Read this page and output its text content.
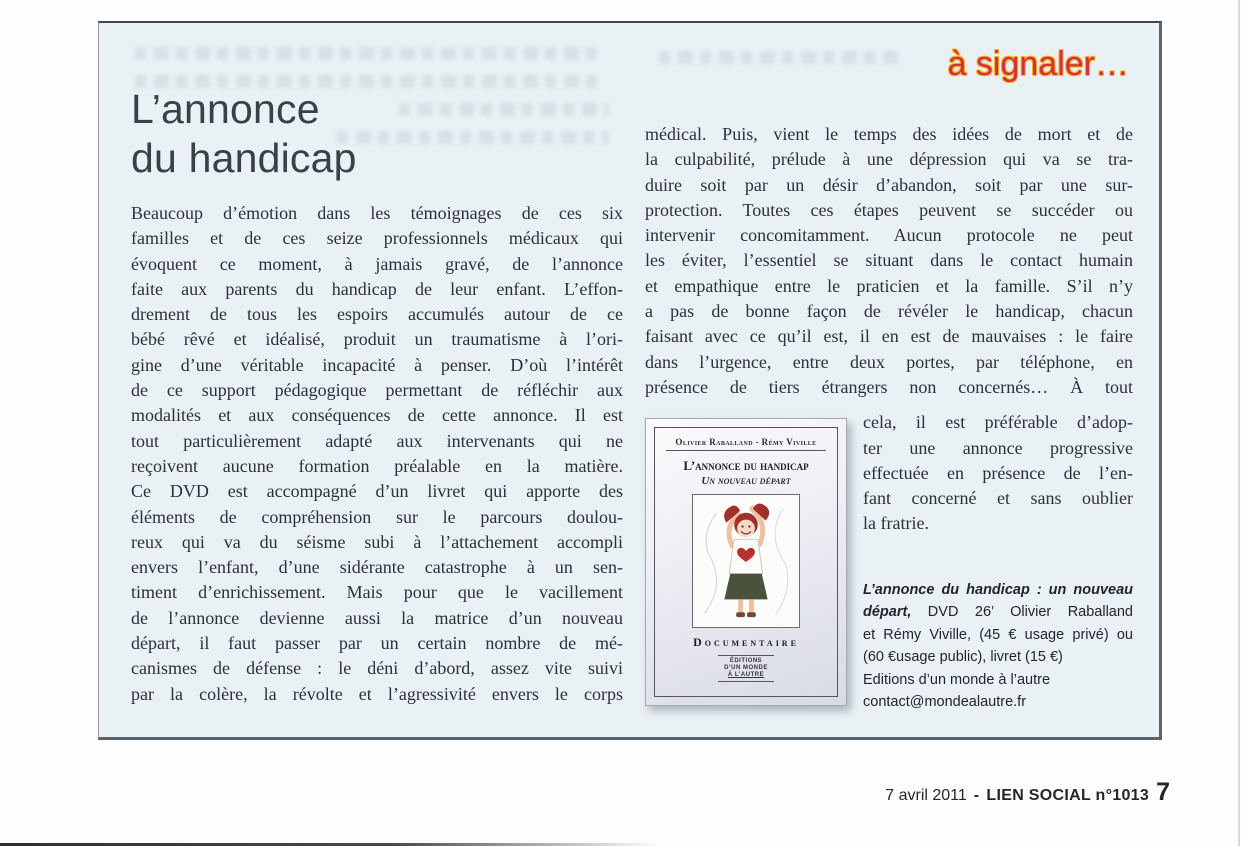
à signaler…
L’annonce
du handicap
Beaucoup d’émotion dans les témoignages de ces six
familles et de ces seize professionnels médicaux qui
évoquent ce moment, à jamais gravé, de l’annonce
faite aux parents du handicap de leur enfant. L’effon-
drement de tous les espoirs accumulés autour de ce
bébé rêvé et idéalisé, produit un traumatisme à l’ori-
gine d’une véritable incapacité à penser. D’où l’intérêt
de ce support pédagogique permettant de réfléchir aux
modalités et aux conséquences de cette annonce. Il est
tout particulièrement adapté aux intervenants qui ne
reçoivent aucune formation préalable en la matière.
Ce DVD est accompagné d’un livret qui apporte des
éléments de compréhension sur le parcours doulou-
reux qui va du séisme subi à l’attachement accompli
envers l’enfant, d’une sidérante catastrophe à un sen-
timent d’enrichissement. Mais pour que le vacillement
de l’annonce devienne aussi la matrice d’un nouveau
départ, il faut passer par un certain nombre de mé-
canismes de défense : le déni d’abord, assez vite suivi
par la colère, la révolte et l’agressivité envers le corps
médical. Puis, vient le temps des idées de mort et de
la culpabilité, prélude à une dépression qui va se tra-
duire soit par un désir d’abandon, soit par une sur-
protection. Toutes ces étapes peuvent se succéder ou
intervenir concomitamment. Aucun protocole ne peut
les éviter, l’essentiel se situant dans le contact humain
et empathique entre le praticien et la famille. S’il n’y
a pas de bonne façon de révéler le handicap, chacun
faisant avec ce qu’il est, il en est de mauvaises : le faire
dans l’urgence, entre deux portes, par téléphone, en
présence de tiers étrangers non concernés… À tout
Olivier Raballand - Rémy Viville
L’annonce du handicap
Un nouveau départ
Documentaire
ÉDITIONS
D’UN MONDE
À L’AUTRE
cela, il est préférable d’adop-
ter une annonce progressive
effectuée en présence de l’en-
fant concerné et sans oublier
la fratrie.
L’annonce du handicap : un nouveau
départ, DVD 26’ Olivier Raballand
et Rémy Viville, (45 € usage privé) ou
(60 €usage public), livret (15 €)
Editions d’un monde à l’autre
contact@mondealautre.fr
7 avril 2011 - LIEN SOCIAL n°1013 7
